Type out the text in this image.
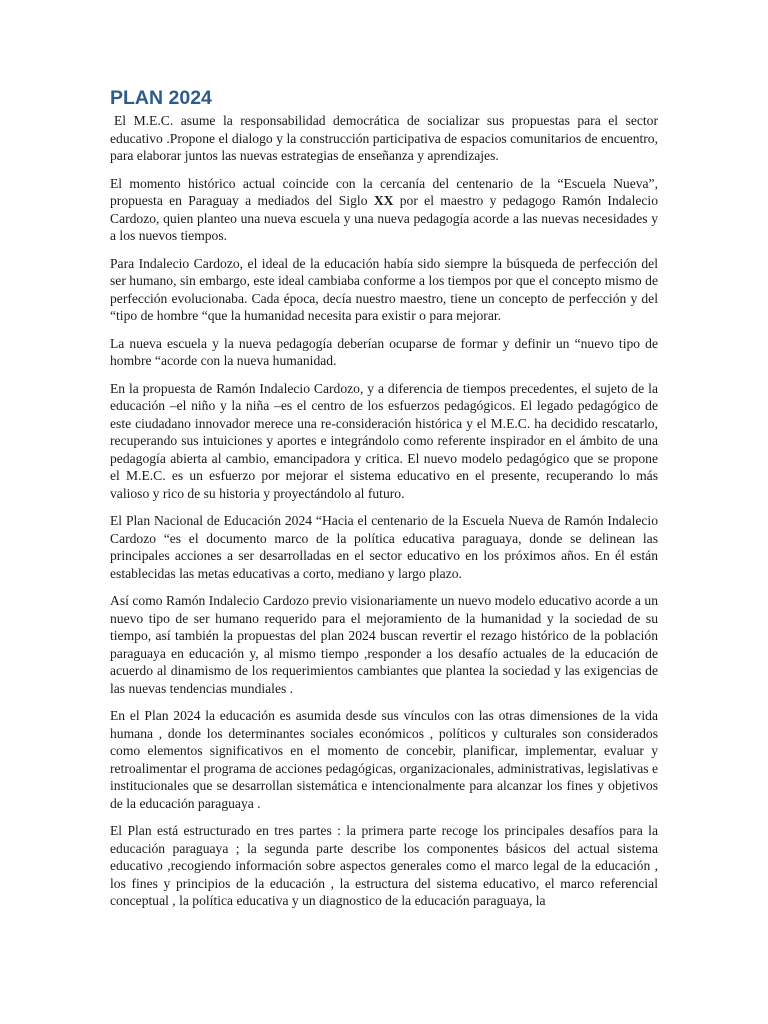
PLAN 2024

El M.E.C. asume la responsabilidad democrática de socializar sus propuestas para el sector educativo .Propone el dialogo y la construcción participativa de espacios comunitarios de encuentro, para elaborar juntos las nuevas estrategias de enseñanza y aprendizajes.

El momento histórico actual coincide con la cercanía del centenario de la “Escuela Nueva”, propuesta en Paraguay a mediados del Siglo XX por el maestro y pedagogo Ramón Indalecio Cardozo, quien planteo una nueva escuela y una nueva pedagogía acorde a las nuevas necesidades y a los nuevos tiempos.

Para Indalecio Cardozo, el ideal de la educación había sido siempre la búsqueda de perfección del ser humano, sin embargo, este ideal cambiaba conforme a los tiempos por que el concepto mismo de perfección evolucionaba. Cada época, decía nuestro maestro, tiene un concepto de perfección y del “tipo de hombre “que la humanidad necesita para existir o para mejorar.

La nueva escuela y la nueva pedagogía deberían ocuparse de formar y definir un “nuevo tipo de hombre “acorde con la nueva humanidad.

En la propuesta de Ramón Indalecio Cardozo, y a diferencia de tiempos precedentes, el sujeto de la educación –el niño y la niña –es el centro de los esfuerzos pedagógicos. El legado pedagógico de este ciudadano innovador merece una re-consideración histórica y el M.E.C. ha decidido rescatarlo, recuperando sus intuiciones y aportes e integrándolo como referente inspirador en el ámbito de una pedagogía abierta al cambio, emancipadora y critica. El nuevo modelo pedagógico que se propone el M.E.C. es un esfuerzo por mejorar el sistema educativo en el presente, recuperando lo más valioso y rico de su historia y proyectándolo al futuro.

El Plan Nacional de Educación 2024 “Hacia el centenario de la Escuela Nueva de Ramón Indalecio Cardozo “es el documento marco de la política educativa paraguaya, donde se delinean las principales acciones a ser desarrolladas en el sector educativo en los próximos años. En él están establecidas las metas educativas a corto, mediano y largo plazo.

Así como Ramón Indalecio Cardozo previo visionariamente un nuevo modelo educativo acorde a un nuevo tipo de ser humano requerido para el mejoramiento de la humanidad y la sociedad de su tiempo, así también la propuestas del plan 2024 buscan revertir el rezago histórico de la población paraguaya en educación y, al mismo tiempo ,responder a los desafío actuales de la educación de acuerdo al dinamismo de los requerimientos cambiantes que plantea la sociedad y las exigencias de las nuevas tendencias mundiales .

En el Plan 2024 la educación es asumida desde sus vínculos con las otras dimensiones de la vida humana , donde los determinantes sociales económicos , políticos y culturales son considerados como elementos significativos en el momento de concebir, planificar, implementar, evaluar y retroalimentar el programa de acciones pedagógicas, organizacionales, administrativas, legislativas e institucionales que se desarrollan sistemática e intencionalmente para alcanzar los fines y objetivos de la educación paraguaya .

El Plan está estructurado en tres partes : la primera parte recoge los principales desafíos para la educación paraguaya ; la segunda parte describe los componentes básicos del actual sistema educativo ,recogiendo información sobre aspectos generales como el marco legal de la educación , los fines y principios de la educación , la estructura del sistema educativo, el marco referencial conceptual , la política educativa y un diagnostico de la educación paraguaya, la
